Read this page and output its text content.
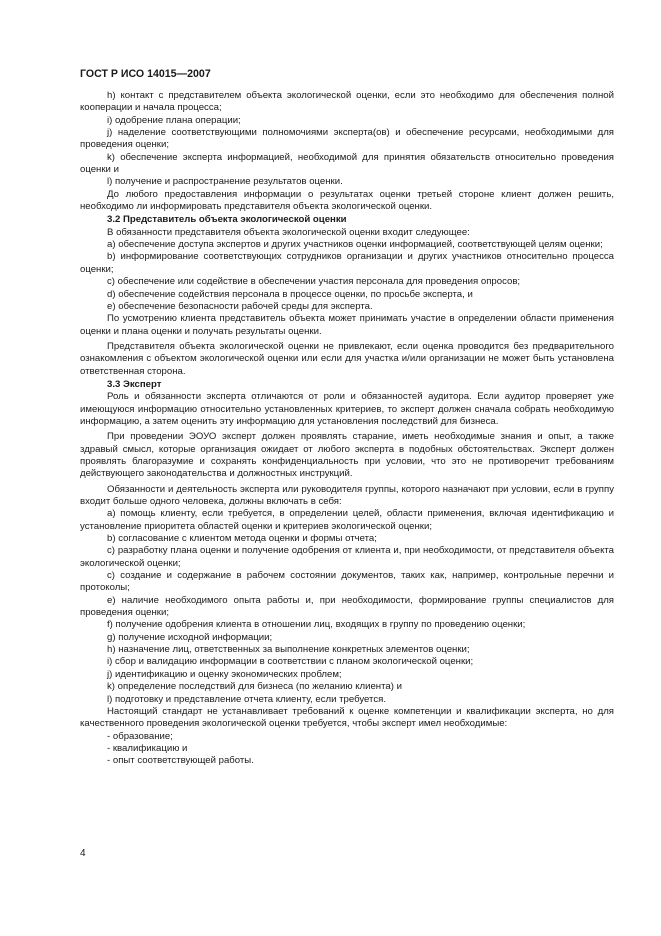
ГОСТ Р ИСО 14015—2007

h) контакт с представителем объекта экологической оценки, если это необходимо для обеспечения полной кооперации и начала процесса;

i) одобрение плана операции;

j) наделение соответствующими полномочиями эксперта(ов) и обеспечение ресурсами, необходимыми для проведения оценки;

k) обеспечение эксперта информацией, необходимой для принятия обязательств относительно проведения оценки и

l) получение и распространение результатов оценки.

До любого предоставления информации о результатах оценки третьей стороне клиент должен решить, необходимо ли информировать представителя объекта экологической оценки.

3.2 Представитель объекта экологической оценки

В обязанности представителя объекта экологической оценки входит следующее:

a) обеспечение доступа экспертов и других участников оценки информацией, соответствующей целям оценки;

b) информирование соответствующих сотрудников организации и других участников относительно процесса оценки;

c) обеспечение или содействие в обеспечении участия персонала для проведения опросов;

d) обеспечение содействия персонала в процессе оценки, по просьбе эксперта, и

e) обеспечение безопасности рабочей среды для эксперта.

По усмотрению клиента представитель объекта может принимать участие в определении области применения оценки и плана оценки и получать результаты оценки.

Представителя объекта экологической оценки не привлекают, если оценка проводится без предварительного ознакомления с объектом экологической оценки или если для участка и/или организации не может быть установлена ответственная сторона.

3.3 Эксперт

Роль и обязанности эксперта отличаются от роли и обязанностей аудитора. Если аудитор проверяет уже имеющуюся информацию относительно установленных критериев, то эксперт должен сначала собрать необходимую информацию, а затем оценить эту информацию для установления последствий для бизнеса.

При проведении ЭОУО эксперт должен проявлять старание, иметь необходимые знания и опыт, а также здравый смысл, которые организация ожидает от любого эксперта в подобных обстоятельствах. Эксперт должен проявлять благоразумие и сохранять конфиденциальность при условии, что это не противоречит требованиям действующего законодательства и должностных инструкций.

Обязанности и деятельность эксперта или руководителя группы, которого назначают при условии, если в группу входит больше одного человека, должны включать в себя:

a) помощь клиенту, если требуется, в определении целей, области применения, включая идентификацию и установление приоритета областей оценки и критериев экологической оценки;

b) согласование с клиентом метода оценки и формы отчета;

c) разработку плана оценки и получение одобрения от клиента и, при необходимости, от представителя объекта экологической оценки;

c) создание и содержание в рабочем состоянии документов, таких как, например, контрольные перечни и протоколы;

e) наличие необходимого опыта работы и, при необходимости, формирование группы специалистов для проведения оценки;

f) получение одобрения клиента в отношении лиц, входящих в группу по проведению оценки;

g) получение исходной информации;

h) назначение лиц, ответственных за выполнение конкретных элементов оценки;

i) сбор и валидацию информации в соответствии с планом экологической оценки;

j) идентификацию и оценку экономических проблем;

k) определение последствий для бизнеса (по желанию клиента) и

l) подготовку и представление отчета клиенту, если требуется.

Настоящий стандарт не устанавливает требований к оценке компетенции и квалификации эксперта, но для качественного проведения экологической оценки требуется, чтобы эксперт имел необходимые:

- образование;

- квалификацию и

- опыт соответствующей работы.

4
